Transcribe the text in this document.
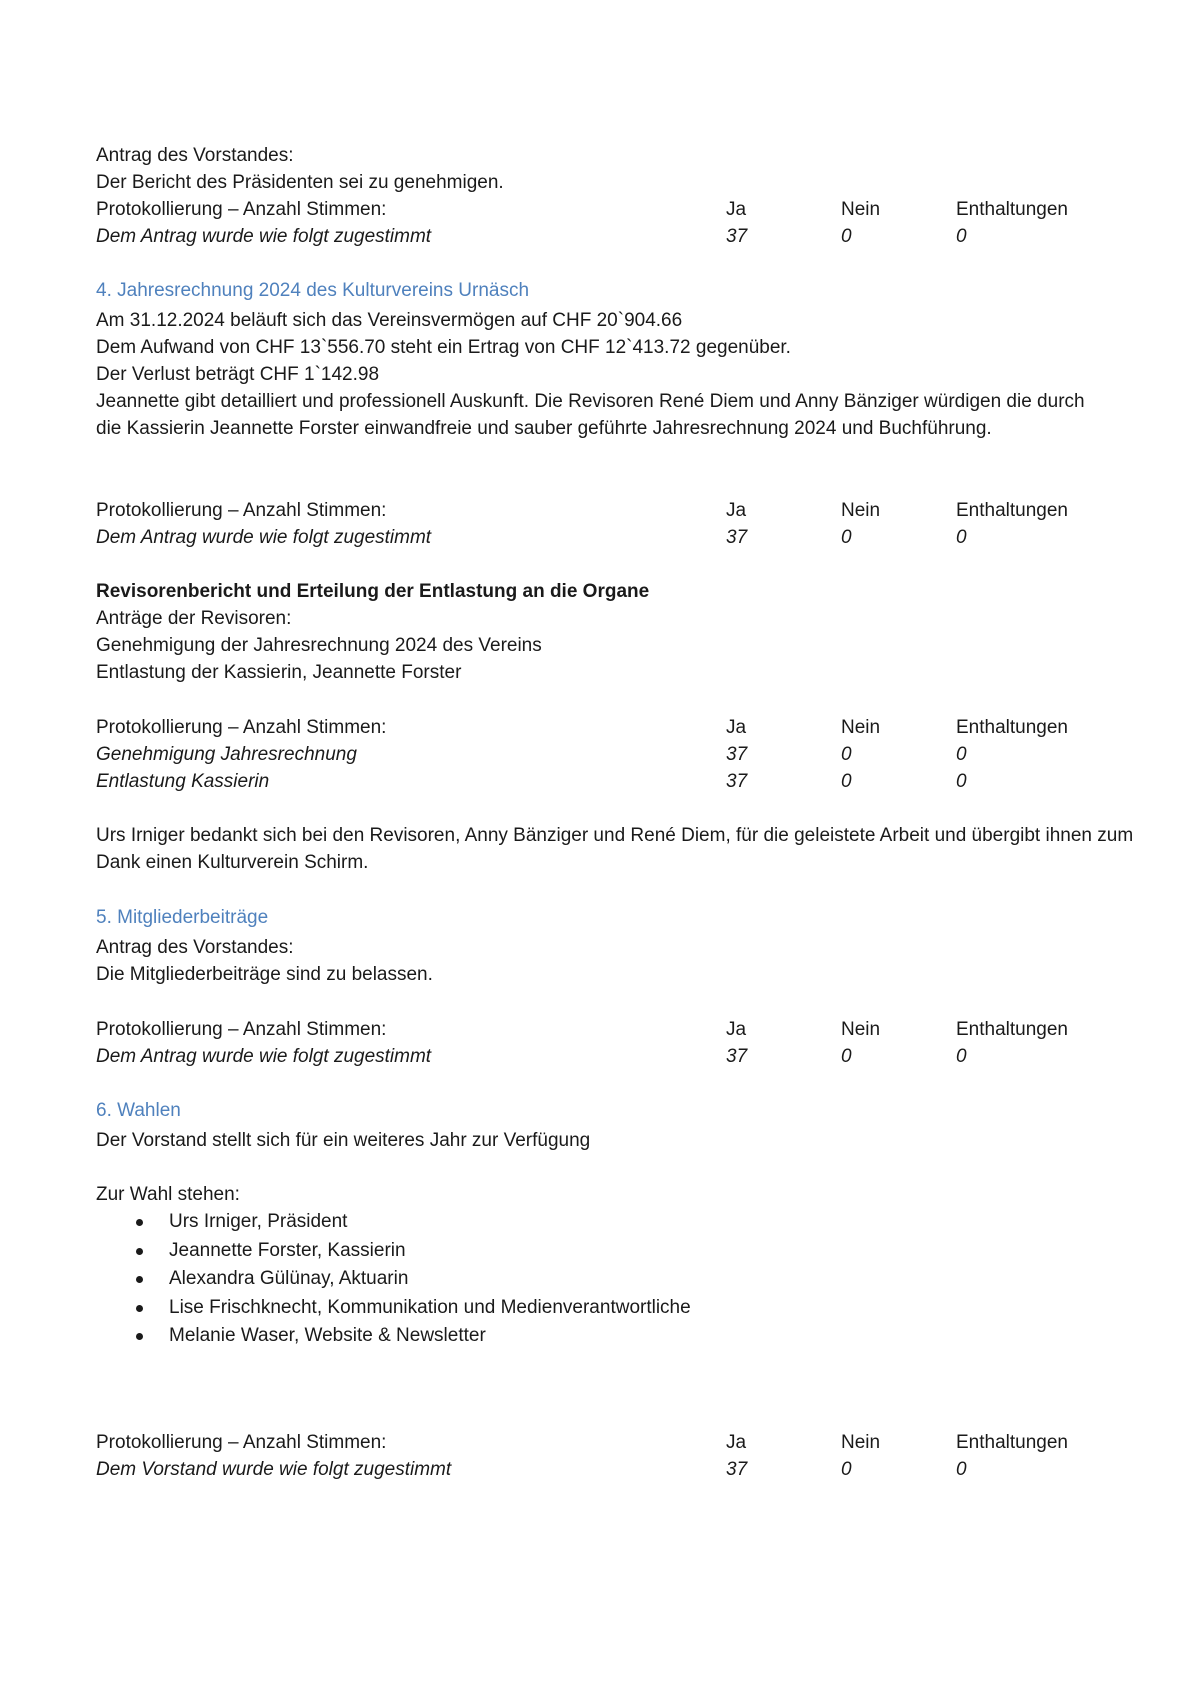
Antrag des Vorstandes:
Der Bericht des Präsidenten sei zu genehmigen.
Protokollierung – Anzahl Stimmen:	Ja	Nein	Enthaltungen
Dem Antrag wurde wie folgt zugestimmt	37	0	0
4. Jahresrechnung 2024 des Kulturvereins Urnäsch
Am 31.12.2024 beläuft sich das Vereinsvermögen auf CHF 20`904.66
Dem Aufwand von CHF 13`556.70 steht ein Ertrag von CHF 12`413.72 gegenüber.
Der Verlust beträgt CHF 1`142.98
Jeannette gibt detailliert und professionell Auskunft. Die Revisoren René Diem und Anny Bänziger würdigen die durch die Kassierin Jeannette Forster einwandfreie und sauber geführte Jahresrechnung 2024 und Buchführung.
Protokollierung – Anzahl Stimmen:	Ja	Nein	Enthaltungen
Dem Antrag wurde wie folgt zugestimmt	37	0	0
Revisorenbericht und Erteilung der Entlastung an die Organe
Anträge der Revisoren:
Genehmigung der Jahresrechnung 2024 des Vereins
Entlastung der Kassierin, Jeannette Forster
Protokollierung – Anzahl Stimmen:	Ja	Nein	Enthaltungen
Genehmigung Jahresrechnung	37	0	0
Entlastung Kassierin	37	0	0
Urs Irniger bedankt sich bei den Revisoren, Anny Bänziger und René Diem, für die geleistete Arbeit und übergibt ihnen zum Dank einen Kulturverein Schirm.
5. Mitgliederbeiträge
Antrag des Vorstandes:
Die Mitgliederbeiträge sind zu belassen.
Protokollierung – Anzahl Stimmen:	Ja	Nein	Enthaltungen
Dem Antrag wurde wie folgt zugestimmt	37	0	0
6. Wahlen
Der Vorstand stellt sich für ein weiteres Jahr zur Verfügung
Zur Wahl stehen:
Urs Irniger, Präsident
Jeannette Forster, Kassierin
Alexandra Gülünay, Aktuarin
Lise Frischknecht, Kommunikation und Medienverantwortliche
Melanie Waser, Website & Newsletter
Protokollierung – Anzahl Stimmen:	Ja	Nein	Enthaltungen
Dem Vorstand wurde wie folgt zugestimmt	37	0	0
